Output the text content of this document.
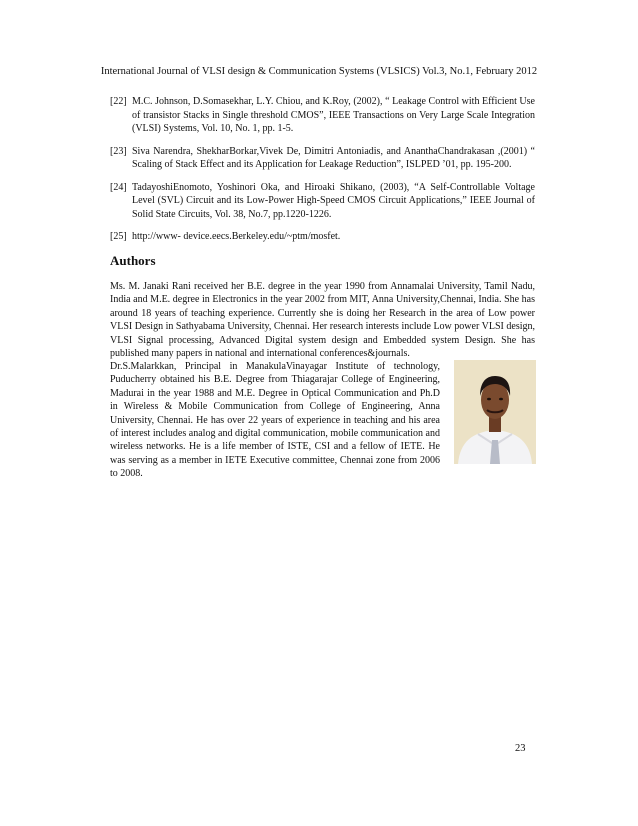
International Journal of VLSI design & Communication Systems (VLSICS) Vol.3, No.1, February 2012
[22] M.C. Johnson, D.Somasekhar, L.Y. Chiou, and K.Roy, (2002), “ Leakage Control with Efficient Use of transistor Stacks in Single threshold CMOS”, IEEE Transactions on Very Large Scale Integration (VLSI) Systems, Vol. 10, No. 1, pp. 1-5.
[23] Siva Narendra, ShekharBorkar,Vivek De, Dimitri Antoniadis, and AnanthaChandrakasan ,(2001) “ Scaling of Stack Effect and its Application for Leakage Reduction”, ISLPED ’01, pp. 195-200.
[24] TadayoshiEnomoto, Yoshinori Oka, and Hiroaki Shikano, (2003), “A Self-Controllable Voltage Level (SVL) Circuit and its Low-Power High-Speed CMOS Circuit Applications,” IEEE Journal of Solid State Circuits, Vol. 38, No.7, pp.1220-1226.
[25] http://www- device.eecs.Berkeley.edu/~ptm/mosfet.
Authors

Ms. M. Janaki Rani received her B.E. degree in the year 1990 from Annamalai University, Tamil Nadu, India and M.E. degree in Electronics in the year 2002 from MIT, Anna University,Chennai, India. She has around 18 years of teaching experience. Currently she is doing her Research in the area of Low power VLSI Design in Sathyabama University, Chennai. Her research interests include Low power VLSI design, VLSI Signal processing, Advanced Digital system design and Embedded system Design. She has published many papers in national and international conferences&journals.

Dr.S.Malarkkan, Principal in ManakulaVinayagar Institute of technology, Puducherry obtained his B.E. Degree from Thiagarajar College of Engineering, Madurai in the year 1988 and M.E. Degree in Optical Communication and Ph.D in Wireless & Mobile Communication from College of Engineering, Anna University, Chennai. He has over 22 years of experience in teaching and his area of interest includes analog and digital communication, mobile communication and wireless networks. He is a life member of ISTE, CSI and a fellow of IETE. He was serving as a member in IETE Executive committee, Chennai zone from 2006 to 2008.

23
